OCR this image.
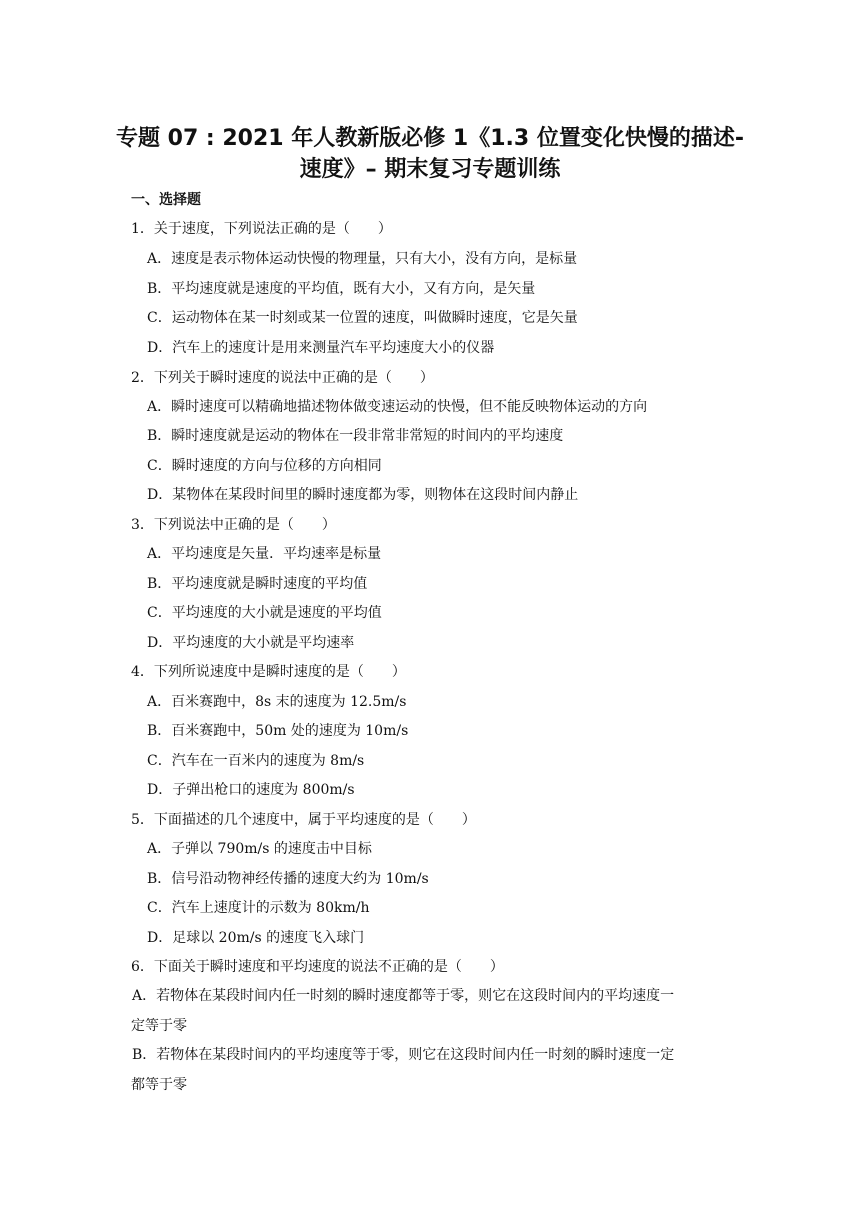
专题 07 : 2021 年人教新版必修 1《1.3 位置变化快慢的描述-
速度》– 期末复习专题训练
一、选择题
1．关于速度，下列说法正确的是（　　）
A．速度是表示物体运动快慢的物理量，只有大小，没有方向，是标量
B．平均速度就是速度的平均值，既有大小，又有方向，是矢量
C．运动物体在某一时刻或某一位置的速度，叫做瞬时速度，它是矢量
D．汽车上的速度计是用来测量汽车平均速度大小的仪器
2．下列关于瞬时速度的说法中正确的是（　　）
A．瞬时速度可以精确地描述物体做变速运动的快慢，但不能反映物体运动的方向
B．瞬时速度就是运动的物体在一段非常非常短的时间内的平均速度
C．瞬时速度的方向与位移的方向相同
D．某物体在某段时间里的瞬时速度都为零，则物体在这段时间内静止
3．下列说法中正确的是（　　）
A．平均速度是矢量．平均速率是标量
B．平均速度就是瞬时速度的平均值
C．平均速度的大小就是速度的平均值
D．平均速度的大小就是平均速率
4．下列所说速度中是瞬时速度的是（　　）
A．百米赛跑中，8s 末的速度为 12.5m/s
B．百米赛跑中，50m 处的速度为 10m/s
C．汽车在一百米内的速度为 8m/s
D．子弹出枪口的速度为 800m/s
5．下面描述的几个速度中，属于平均速度的是（　　）
A．子弹以 790m/s 的速度击中目标
B．信号沿动物神经传播的速度大约为 10m/s
C．汽车上速度计的示数为 80km/h
D．足球以 20m/s 的速度飞入球门
6．下面关于瞬时速度和平均速度的说法不正确的是（　　）
A．若物体在某段时间内任一时刻的瞬时速度都等于零，则它在这段时间内的平均速度一
定等于零
B．若物体在某段时间内的平均速度等于零，则它在这段时间内任一时刻的瞬时速度一定
都等于零
